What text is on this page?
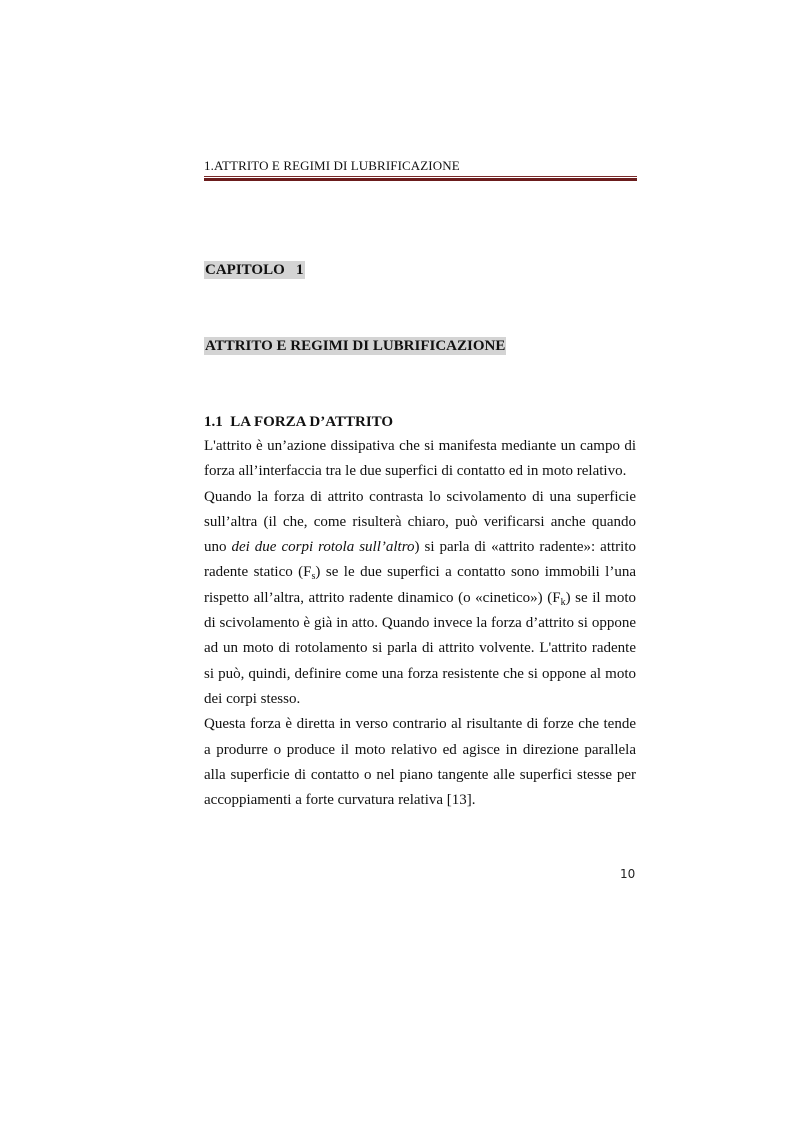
1.ATTRITO E REGIMI DI LUBRIFICAZIONE
CAPITOLO   1
ATTRITO E REGIMI DI LUBRIFICAZIONE
1.1  LA FORZA D’ATTRITO

L'attrito è un’azione dissipativa che si manifesta mediante un campo di forza all’interfaccia tra le due superfici di contatto ed in moto relativo.

Quando la forza di attrito contrasta lo scivolamento di una superficie sull’altra (il che, come risulterà chiaro, può verificarsi anche quando uno dei due corpi rotola sull’altro) si parla di «attrito radente»: attrito radente statico $(F_s)$ se le due superfici a contatto sono immobili l’una rispetto all’altra, attrito radente dinamico (o «cinetico») $(F_k)$ se il moto di scivolamento è già in atto. Quando invece la forza d’attrito si oppone ad un moto di rotolamento si parla di attrito volvente. L'attrito radente si può, quindi, definire come una forza resistente che si oppone al moto dei corpi stesso.

Questa forza è diretta in verso contrario al risultante di forze che tende a produrre o produce il moto relativo ed agisce in direzione parallela alla superficie di contatto o nel piano tangente alle superfici stesse per accoppiamenti a forte curvatura relativa [13].

10
